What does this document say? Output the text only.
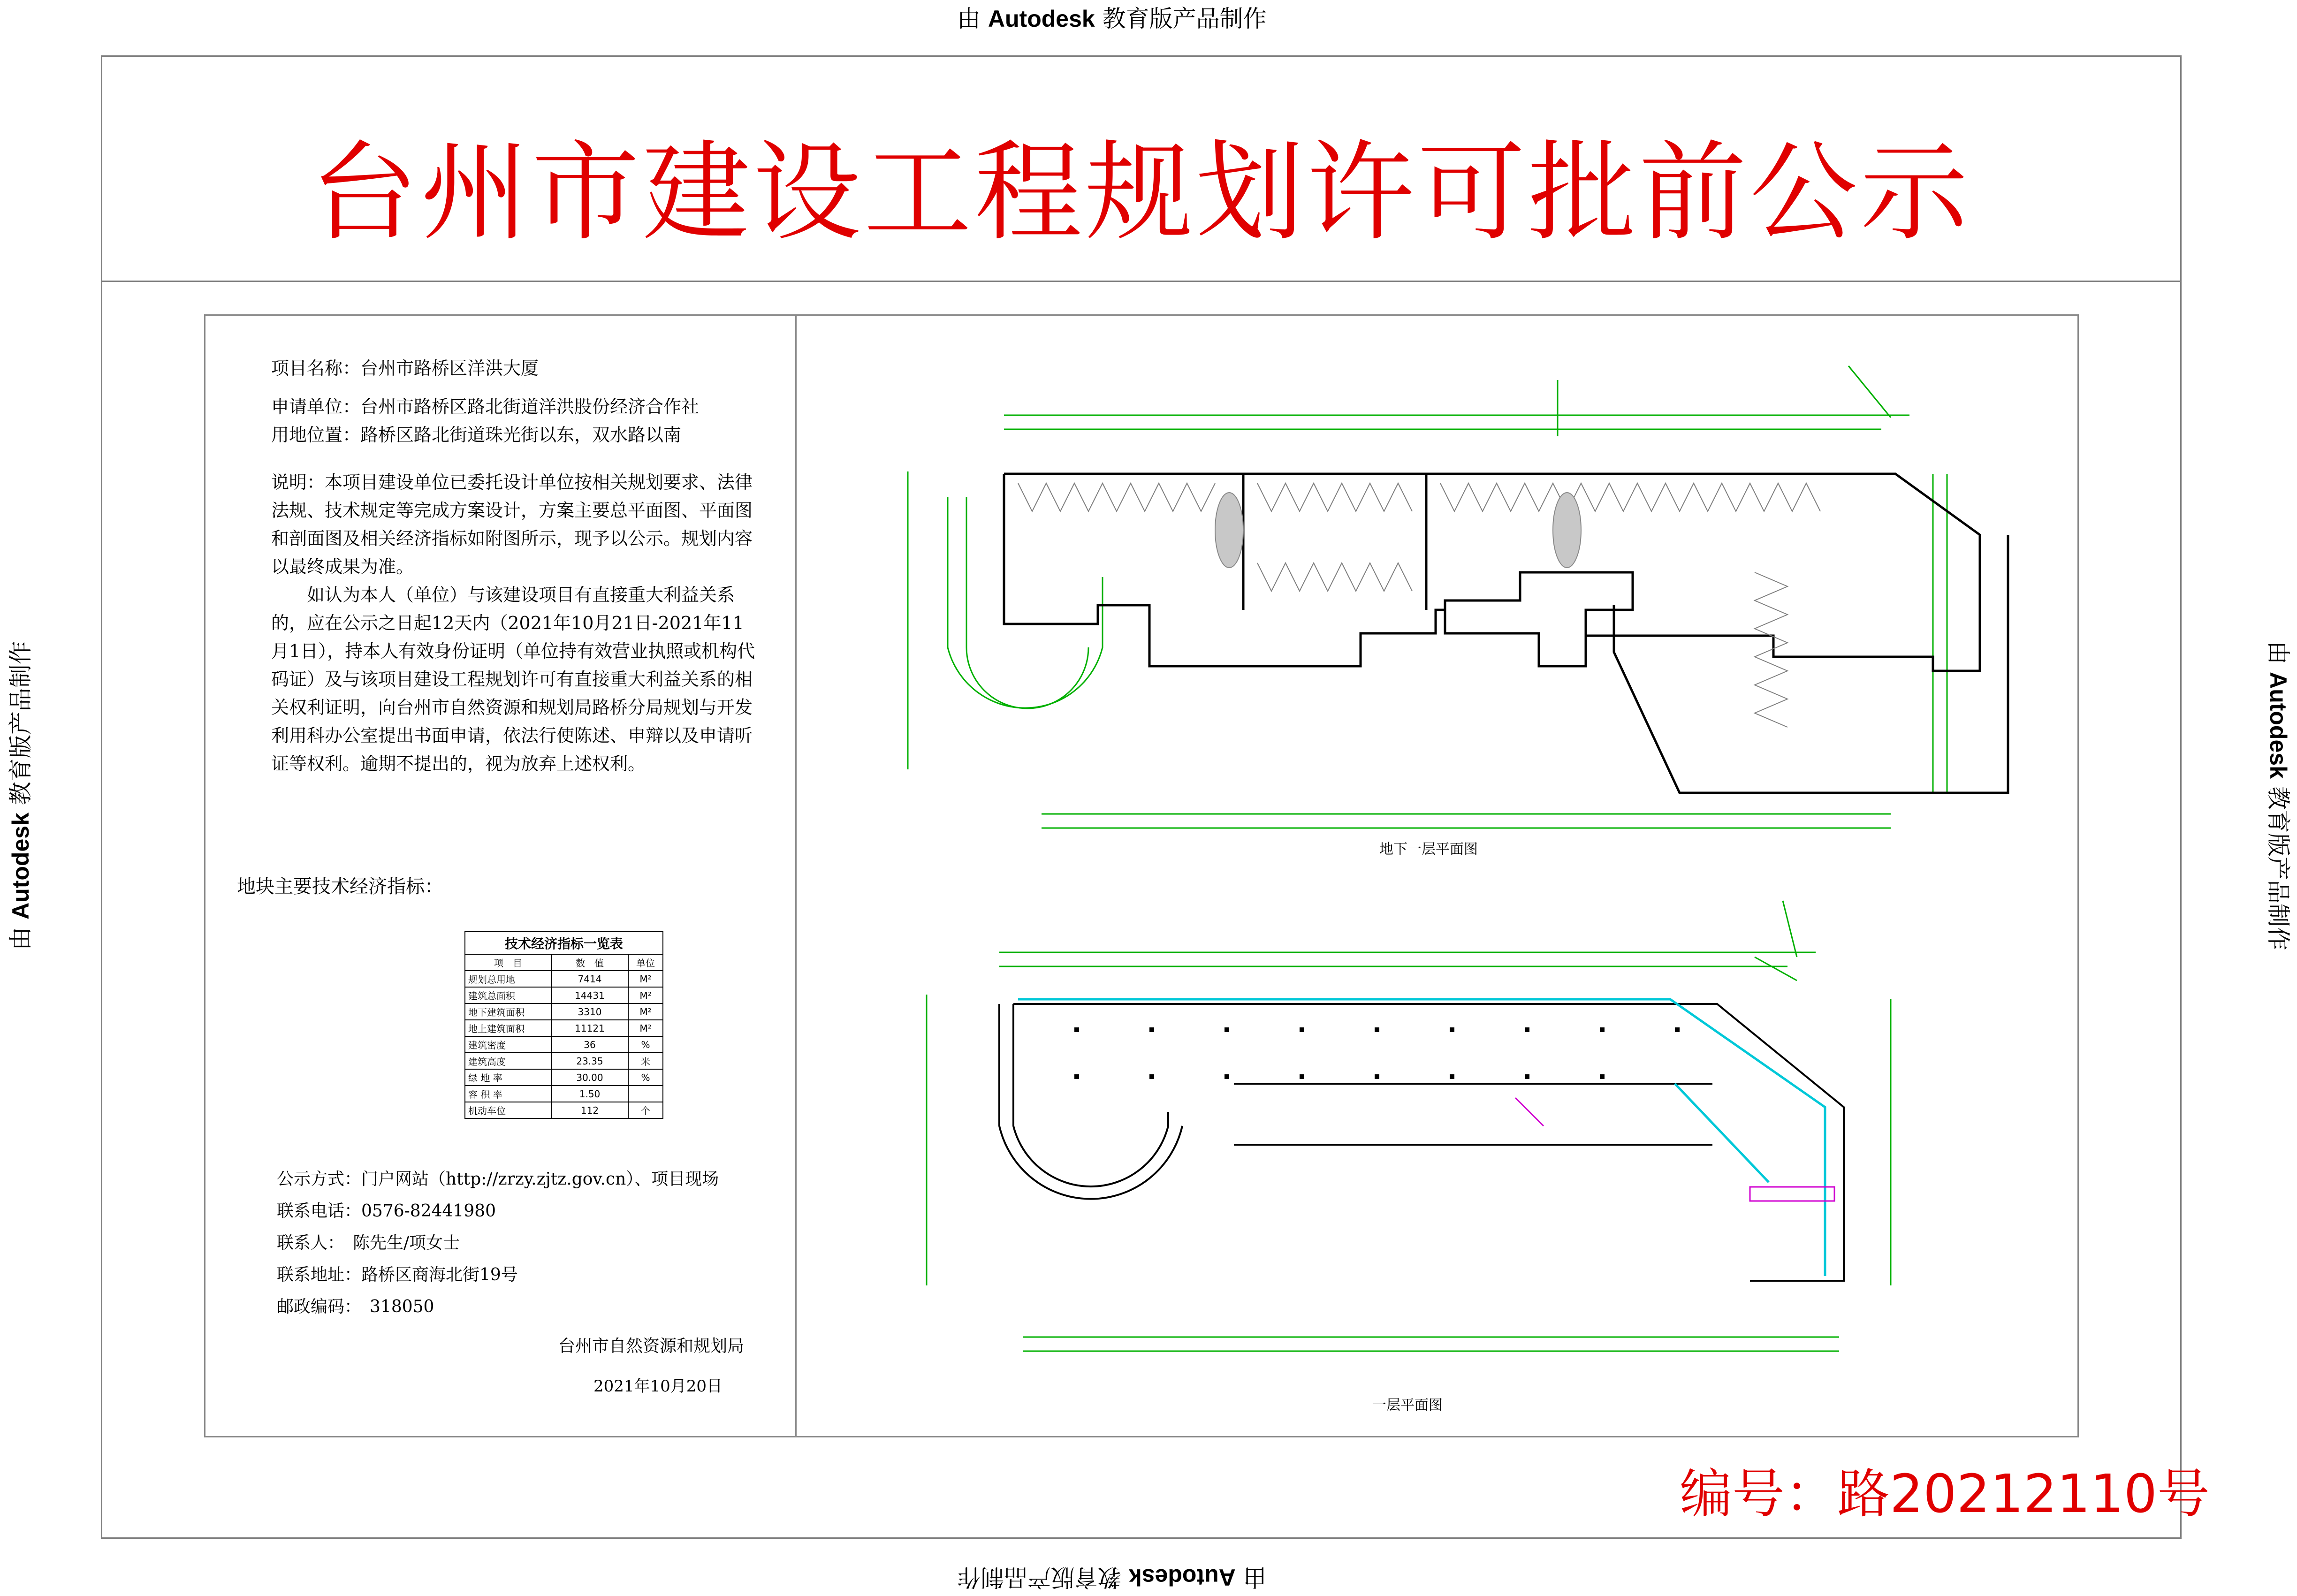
由 Autodesk 教育版产品制作
由 Autodesk 教育版产品制作
由 Autodesk 教育版产品制作	由 Autodesk 教育版产品制作
台州市建设工程规划许可批前公示
项目名称：台州市路桥区洋洪大厦
申请单位：台州市路桥区路北街道洋洪股份经济合作社
用地位置：路桥区路北街道珠光街以东，双水路以南

说明：本项目建设单位已委托设计单位按相关规划要求、法律法规、技术规定等完成方案设计，方案主要总平面图、平面图和剖面图及相关经济指标如附图所示，现予以公示。规划内容以最终成果为准。

如认为本人（单位）与该建设项目有直接重大利益关系的，应在公示之日起12天内（2021年10月21日-2021年11月1日），持本人有效身份证明（单位持有效营业执照或机构代码证）及与该项目建设工程规划许可有直接重大利益关系的相关权利证明，向台州市自然资源和规划局路桥分局规划与开发利用科办公室提出书面申请，依法行使陈述、申辩以及申请听证等权利。逾期不提出的，视为放弃上述权利。

地块主要技术经济指标：
技术经济指标一览表		
项　目	数　值	单位
规划总用地	7414	M²
建筑总面积	14431	M²
地下建筑面积	3310	M²
地上建筑面积	11121	M²
建筑密度	36	%
建筑高度	23.35	米
绿 地 率	30.00	%
容 积 率	1.50	
机动车位	112	个
公示方式：门户网站（http://zrzy.zjtz.gov.cn）、项目现场
联系电话：0576-82441980
联系人：　 陈先生/项女士
联系地址：路桥区商海北街19号
邮政编码：　 318050
台州市自然资源和规划局
2021年10月20日
地下一层平面图
一层平面图
编号：路20212110号
